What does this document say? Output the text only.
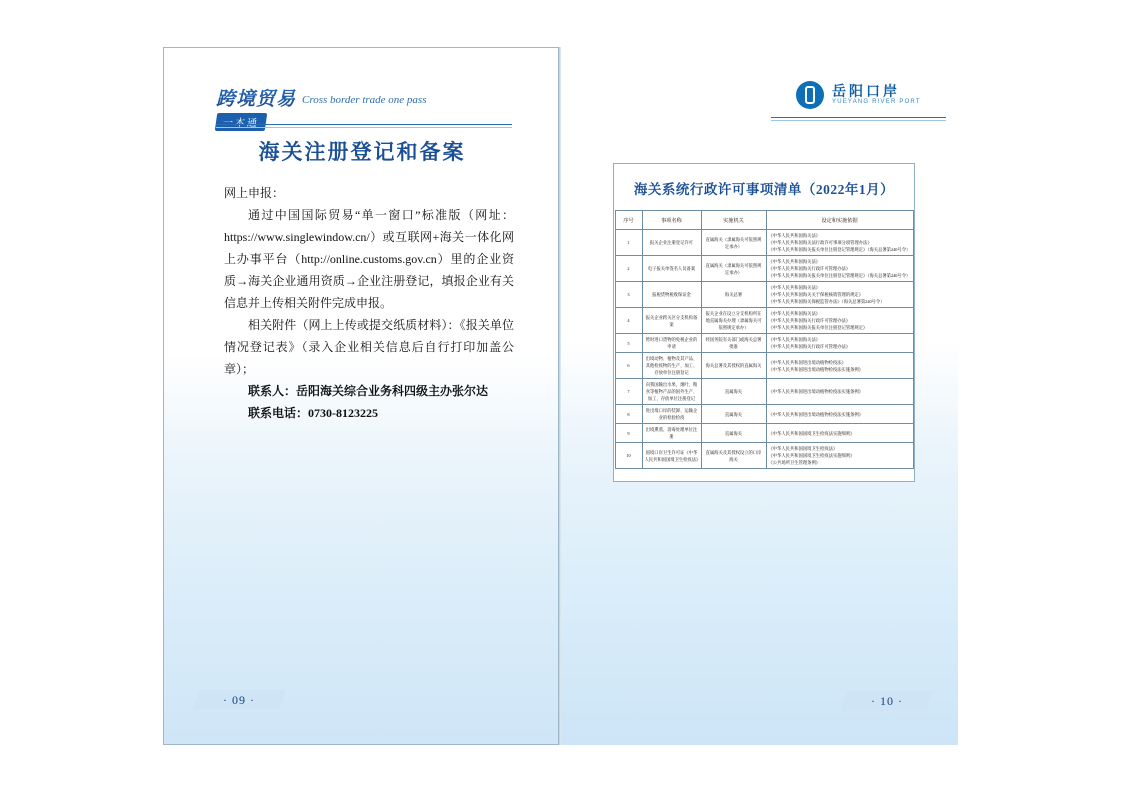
跨境贸易 Cross border trade one pass
一本通
海关注册登记和备案

网上申报：

通过中国国际贸易“单一窗口”标准版（网址：https://www.singlewindow.cn/）或互联网+海关一体化网上办事平台（http://online.customs.gov.cn）里的企业资质→海关企业通用资质→企业注册登记，填报企业有关信息并上传相关附件完成申报。

相关附件（网上上传或提交纸质材料）：《报关单位情况登记表》（录入企业相关信息后自行打印加盖公章）；

联系人：岳阳海关综合业务科四级主办张尔达

联系电话：0730-8123225

· 09 ·
岳阳口岸
YUEYANG RIVER PORT
海关系统行政许可事项清单（2022年1月）
序号	事项名称	实施机关	设定和实施依据
1	报关企业注册登记许可	直属海关（隶属海关可依照规定承办）	《中华人民共和国海关法》
《中华人民共和国海关法行政许可事项分项管理办法》
《中华人民共和国海关报关单位注册登记管理规定》（海关总署第240号令）

2	电子报关单签名人员备案	直属海关（隶属海关可依照规定承办）	《中华人民共和国海关法》
《中华人民共和国海关行政许可管理办法》
《中华人民共和国海关报关单位注册登记管理规定》（海关总署第240号令）

3	报税货物税收保证金	海关总署	《中华人民共和国海关法》
《中华人民共和国海关关于保税核销管理的规定》
《中华人民共和国海关保税监管办法》（海关总署第240号令）

4	报关企业跨关区分支机构备案	报关企业在设立分支机构所在地直属海关办理（隶属海关可依照规定承办）	《中华人民共和国海关法》
《中华人民共和国海关行政许可管理办法》
《中华人民共和国海关报关单位注册登记管理规定》

5	暂时进口货物的免税企业的申请	经国务院有关部门或海关总署批准	《中华人民共和国海关法》
《中华人民共和国海关行政许可管理办法》

6	出境动物、植物及其产品、其他检疫物的生产、加工、存放单位注册登记	海关总署及其授权的直属海关	《中华人民共和国进出境动植物检疫法》
《中华人民共和国进出境动植物检疫法实施条例》

7	向我国输出水果、烟叶、粮食等植物产品的国外生产、加工、存放单位注册登记	直属海关	《中华人民共和国进出境动植物检疫法实施条例》

8	进出境口岸的装卸、运输企业的检验检疫	直属海关	《中华人民共和国进出境动植物检疫法实施条例》

9	出境熏蒸、消毒处理单位注册	直属海关	《中华人民共和国国境卫生检疫法实施细则》

10	国境口岸卫生许可证《中华人民共和国国境卫生检疫法》	直属海关及其授权设立的口岸海关	《中华人民共和国国境卫生检疫法》
《中华人民共和国国境卫生检疫法实施细则》
《公共场所卫生管理条例》
· 10 ·
